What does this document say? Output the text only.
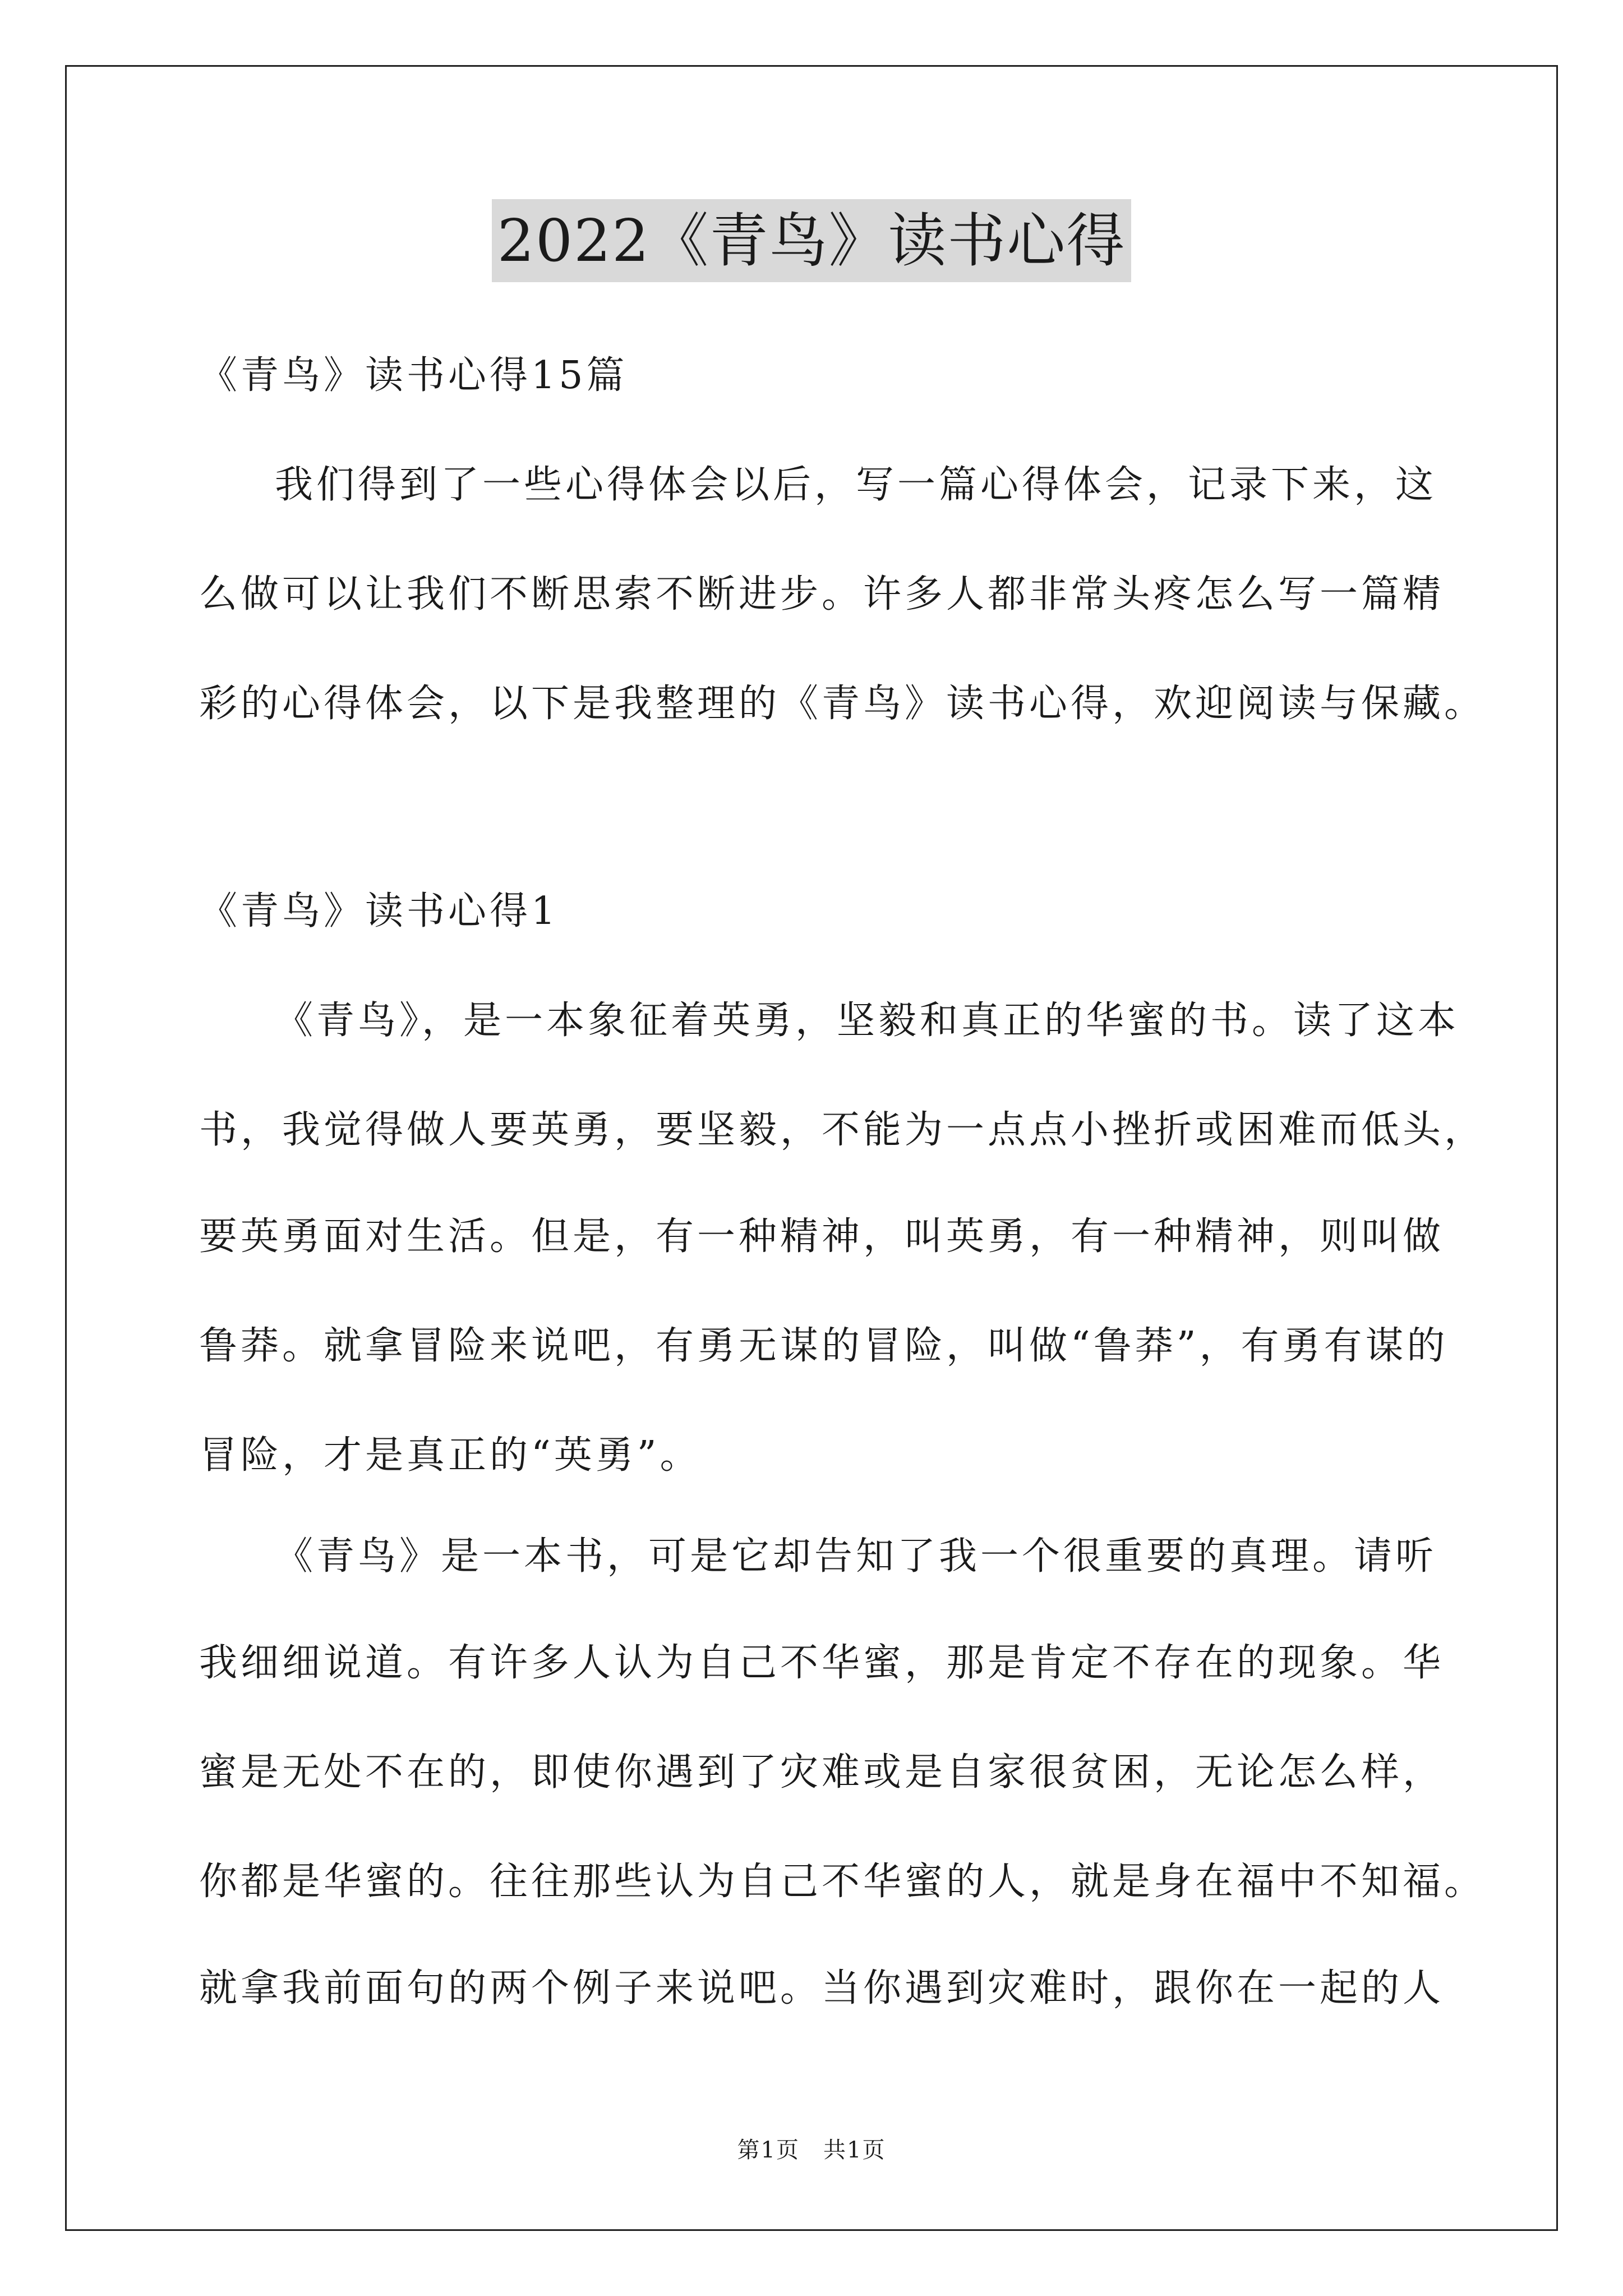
2022《青鸟》读书心得
《青鸟》读书心得15篇
我们得到了一些心得体会以后，写一篇心得体会，记录下来，这
么做可以让我们不断思索不断进步。许多人都非常头疼怎么写一篇精
彩的心得体会，以下是我整理的《青鸟》读书心得，欢迎阅读与保藏。
《青鸟》读书心得1
《青鸟》，是一本象征着英勇，坚毅和真正的华蜜的书。读了这本
书，我觉得做人要英勇，要坚毅，不能为一点点小挫折或困难而低头，
要英勇面对生活。但是，有一种精神，叫英勇，有一种精神，则叫做
鲁莽。就拿冒险来说吧，有勇无谋的冒险，叫做“鲁莽”，有勇有谋的
冒险，才是真正的“英勇”。
《青鸟》是一本书，可是它却告知了我一个很重要的真理。请听
我细细说道。有许多人认为自己不华蜜，那是肯定不存在的现象。华
蜜是无处不在的，即使你遇到了灾难或是自家很贫困，无论怎么样，
你都是华蜜的。往往那些认为自己不华蜜的人，就是身在福中不知福。
就拿我前面句的两个例子来说吧。当你遇到灾难时，跟你在一起的人
第1页　共1页
